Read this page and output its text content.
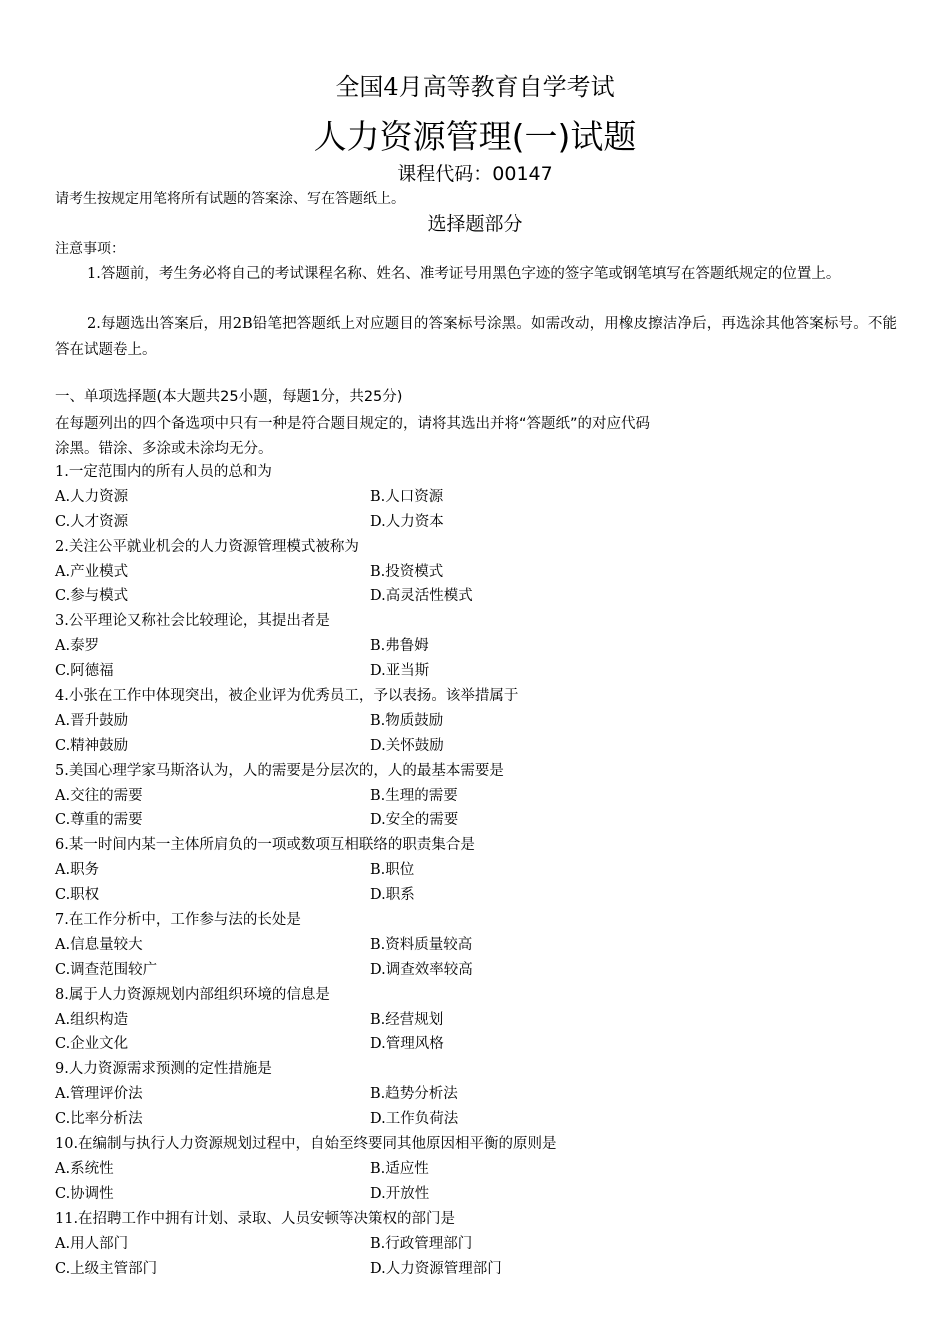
全国4月高等教育自学考试
人力资源管理(一)试题
课程代码：00147
请考生按规定用笔将所有试题的答案涂、写在答题纸上。
选择题部分
注意事项：
1.答题前，考生务必将自己的考试课程名称、姓名、准考证号用黑色字迹的签字笔或钢笔填写在答题纸规定的位置上。
2.每题选出答案后，用2B铅笔把答题纸上对应题目的答案标号涂黑。如需改动，用橡皮擦洁净后，再选涂其他答案标号。不能答在试题卷上。
一、单项选择题(本大题共25小题，每题1分，共25分)
在每题列出的四个备选项中只有一种是符合题目规定的，请将其选出并将“答题纸”的对应代码涂黑。错涂、多涂或未涂均无分。
1.一定范围内的所有人员的总和为
A.人力资源	B.人口资源
C.人才资源	D.人力资本
2.关注公平就业机会的人力资源管理模式被称为
A.产业模式	B.投资模式
C.参与模式	D.高灵活性模式
3.公平理论又称社会比较理论，其提出者是
A.泰罗	B.弗鲁姆
C.阿德福	D.亚当斯
4.小张在工作中体现突出，被企业评为优秀员工，予以表扬。该举措属于
A.晋升鼓励	B.物质鼓励
C.精神鼓励	D.关怀鼓励
5.美国心理学家马斯洛认为，人的需要是分层次的，人的最基本需要是
A.交往的需要	B.生理的需要
C.尊重的需要	D.安全的需要
6.某一时间内某一主体所肩负的一项或数项互相联络的职责集合是
A.职务	B.职位
C.职权	D.职系
7.在工作分析中，工作参与法的长处是
A.信息量较大	B.资料质量较高
C.调查范围较广	D.调查效率较高
8.属于人力资源规划内部组织环境的信息是
A.组织构造	B.经营规划
C.企业文化	D.管理风格
9.人力资源需求预测的定性措施是
A.管理评价法	B.趋势分析法
C.比率分析法	D.工作负荷法
10.在编制与执行人力资源规划过程中，自始至终要同其他原因相平衡的原则是
A.系统性	B.适应性
C.协调性	D.开放性
11.在招聘工作中拥有计划、录取、人员安顿等决策权的部门是
A.用人部门	B.行政管理部门
C.上级主管部门	D.人力资源管理部门
